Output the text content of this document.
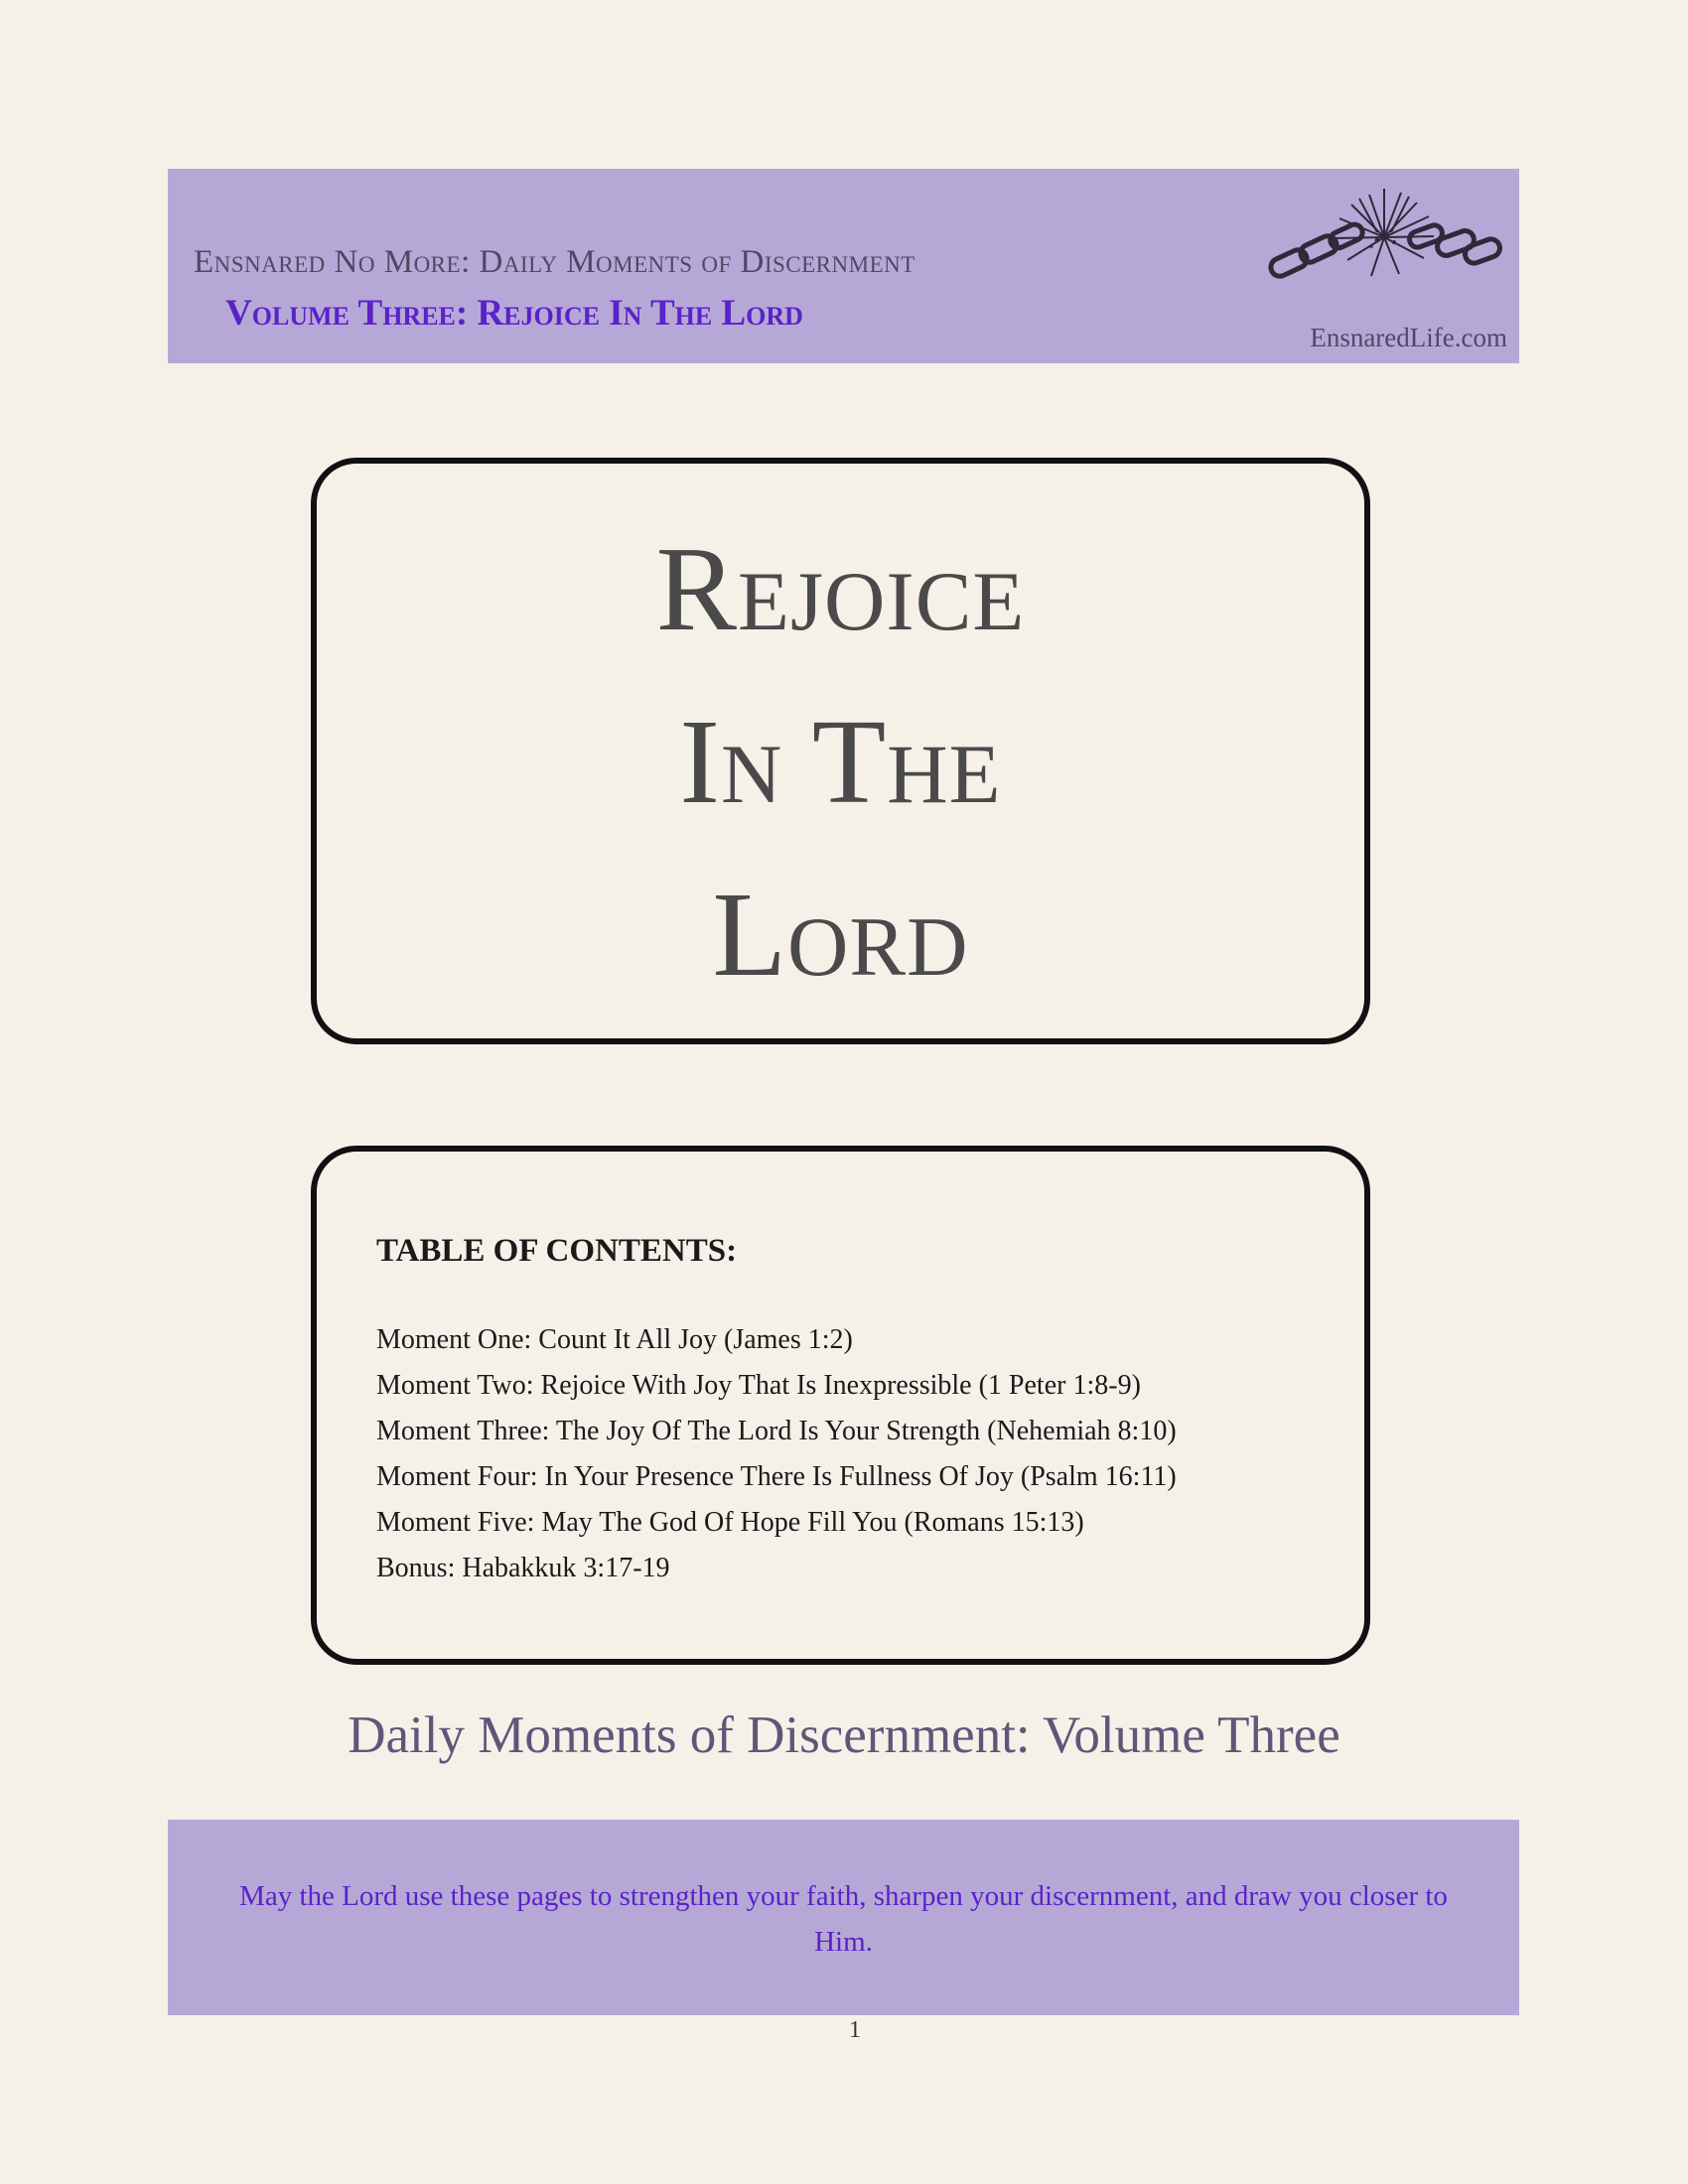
Ensnared No More: Daily Moments of Discernment
Volume Three: Rejoice In The Lord
EnsnaredLife.com
Rejoice
In The
Lord
TABLE OF CONTENTS:
Moment One: Count It All Joy (James 1:2)
Moment Two: Rejoice With Joy That Is Inexpressible (1 Peter 1:8-9)
Moment Three: The Joy Of The Lord Is Your Strength (Nehemiah 8:10)
Moment Four: In Your Presence There Is Fullness Of Joy (Psalm 16:11)
Moment Five: May The God Of Hope Fill You (Romans 15:13)
Bonus: Habakkuk 3:17-19
Daily Moments of Discernment: Volume Three
May the Lord use these pages to strengthen your faith, sharpen your discernment, and draw you closer to Him.
1
